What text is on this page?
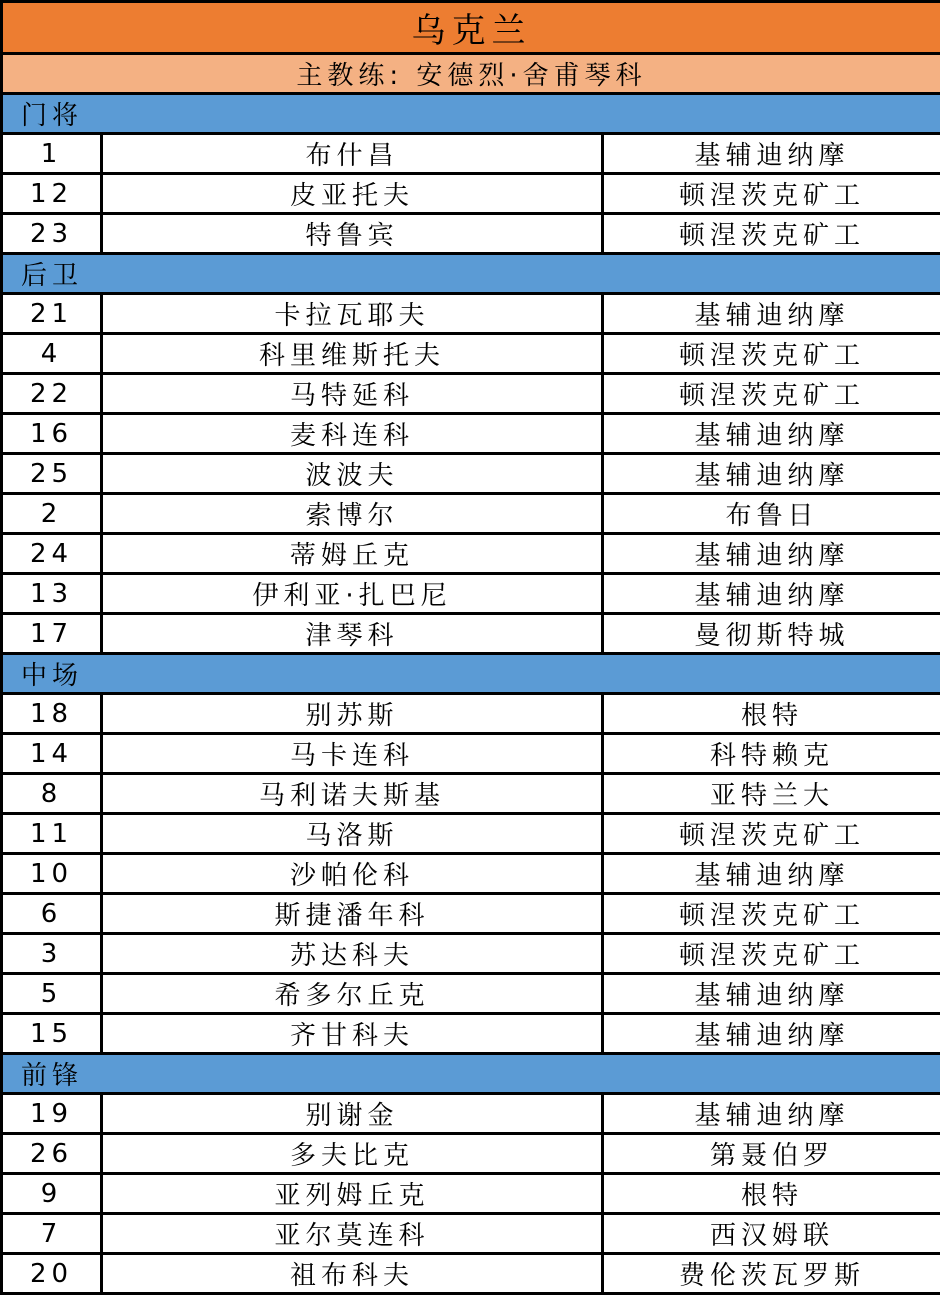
乌克兰		
主教练: 安德烈·舍甫琴科		
门将		
1	布什昌	基辅迪纳摩
12	皮亚托夫	顿涅茨克矿工
23	特鲁宾	顿涅茨克矿工
后卫		
21	卡拉瓦耶夫	基辅迪纳摩
4	科里维斯托夫	顿涅茨克矿工
22	马特延科	顿涅茨克矿工
16	麦科连科	基辅迪纳摩
25	波波夫	基辅迪纳摩
2	索博尔	布鲁日
24	蒂姆丘克	基辅迪纳摩
13	伊利亚·扎巴尼	基辅迪纳摩
17	津琴科	曼彻斯特城
中场		
18	别苏斯	根特
14	马卡连科	科特赖克
8	马利诺夫斯基	亚特兰大
11	马洛斯	顿涅茨克矿工
10	沙帕伦科	基辅迪纳摩
6	斯捷潘年科	顿涅茨克矿工
3	苏达科夫	顿涅茨克矿工
5	希多尔丘克	基辅迪纳摩
15	齐甘科夫	基辅迪纳摩
前锋		
19	别谢金	基辅迪纳摩
26	多夫比克	第聂伯罗
9	亚列姆丘克	根特
7	亚尔莫连科	西汉姆联
20	祖布科夫	费伦茨瓦罗斯
